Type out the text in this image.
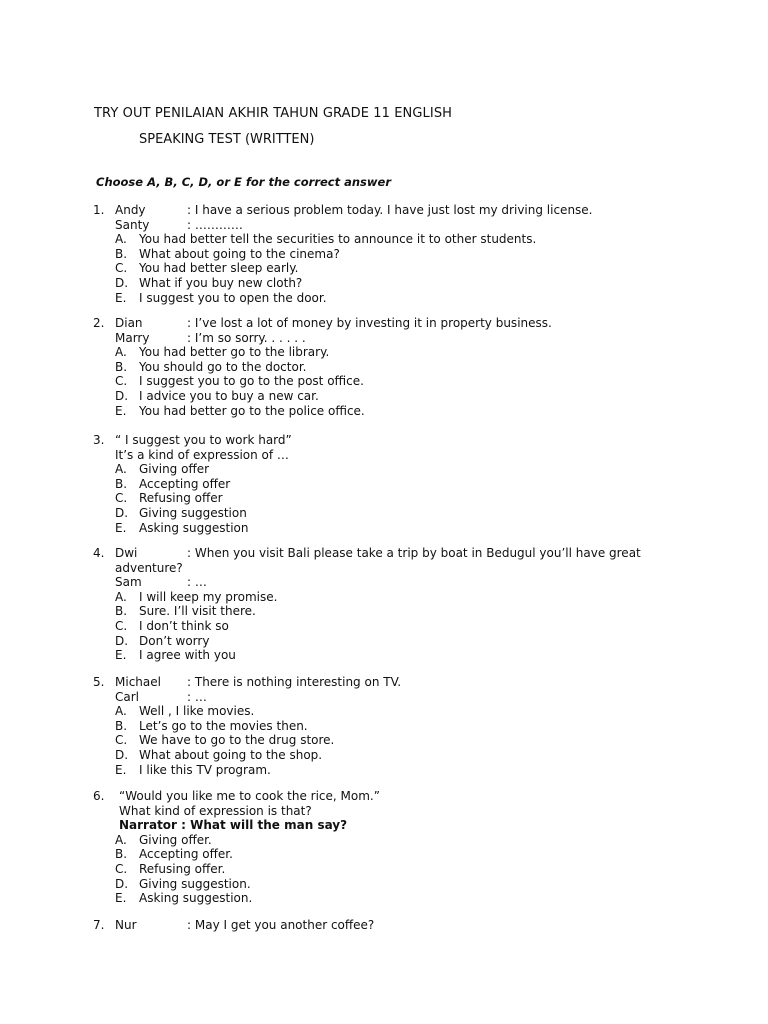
TRY OUT PENILAIAN AKHIR TAHUN GRADE 11 ENGLISH
SPEAKING TEST (WRITTEN)
Choose A, B, C, D, or E for the correct answer
1. Andy	: I have a serious problem today. I have just lost my driving license.
Santy	: …………
A. You had better tell the securities to announce it to other students.
B. What about going to the cinema?
C. You had better sleep early.
D. What if you buy new cloth?
E. I suggest you to open the door.
2. Dian	: I’ve lost a lot of money by investing it in property business.
Marry	: I’m so sorry. . . . . .
A. You had better go to the library.
B. You should go to the doctor.
C. I suggest you to go to the post office.
D. I advice you to buy a new car.
E. You had better go to the police office.
3. “ I suggest you to work hard”
It’s a kind of expression of …
A. Giving offer
B. Accepting offer
C. Refusing offer
D. Giving suggestion
E. Asking suggestion
4. Dwi	: When you visit Bali please take a trip by boat in Bedugul you’ll have great
adventure?
Sam	: …
A. I will keep my promise.
B. Sure. I’ll visit there.
C. I don’t think so
D. Don’t worry
E. I agree with you
5. Michael : There is nothing interesting on TV.
Carl	: …
A. Well , I like movies.
B. Let’s go to the movies then.
C. We have to go to the drug store.
D. What about going to the shop.
E. I like this TV program.
6. “Would you like me to cook the rice, Mom.”
What kind of expression is that?
Narrator : What will the man say?
A. Giving offer.
B. Accepting offer.
C. Refusing offer.
D. Giving suggestion.
E. Asking suggestion.
7. Nur	: May I get you another coffee?
